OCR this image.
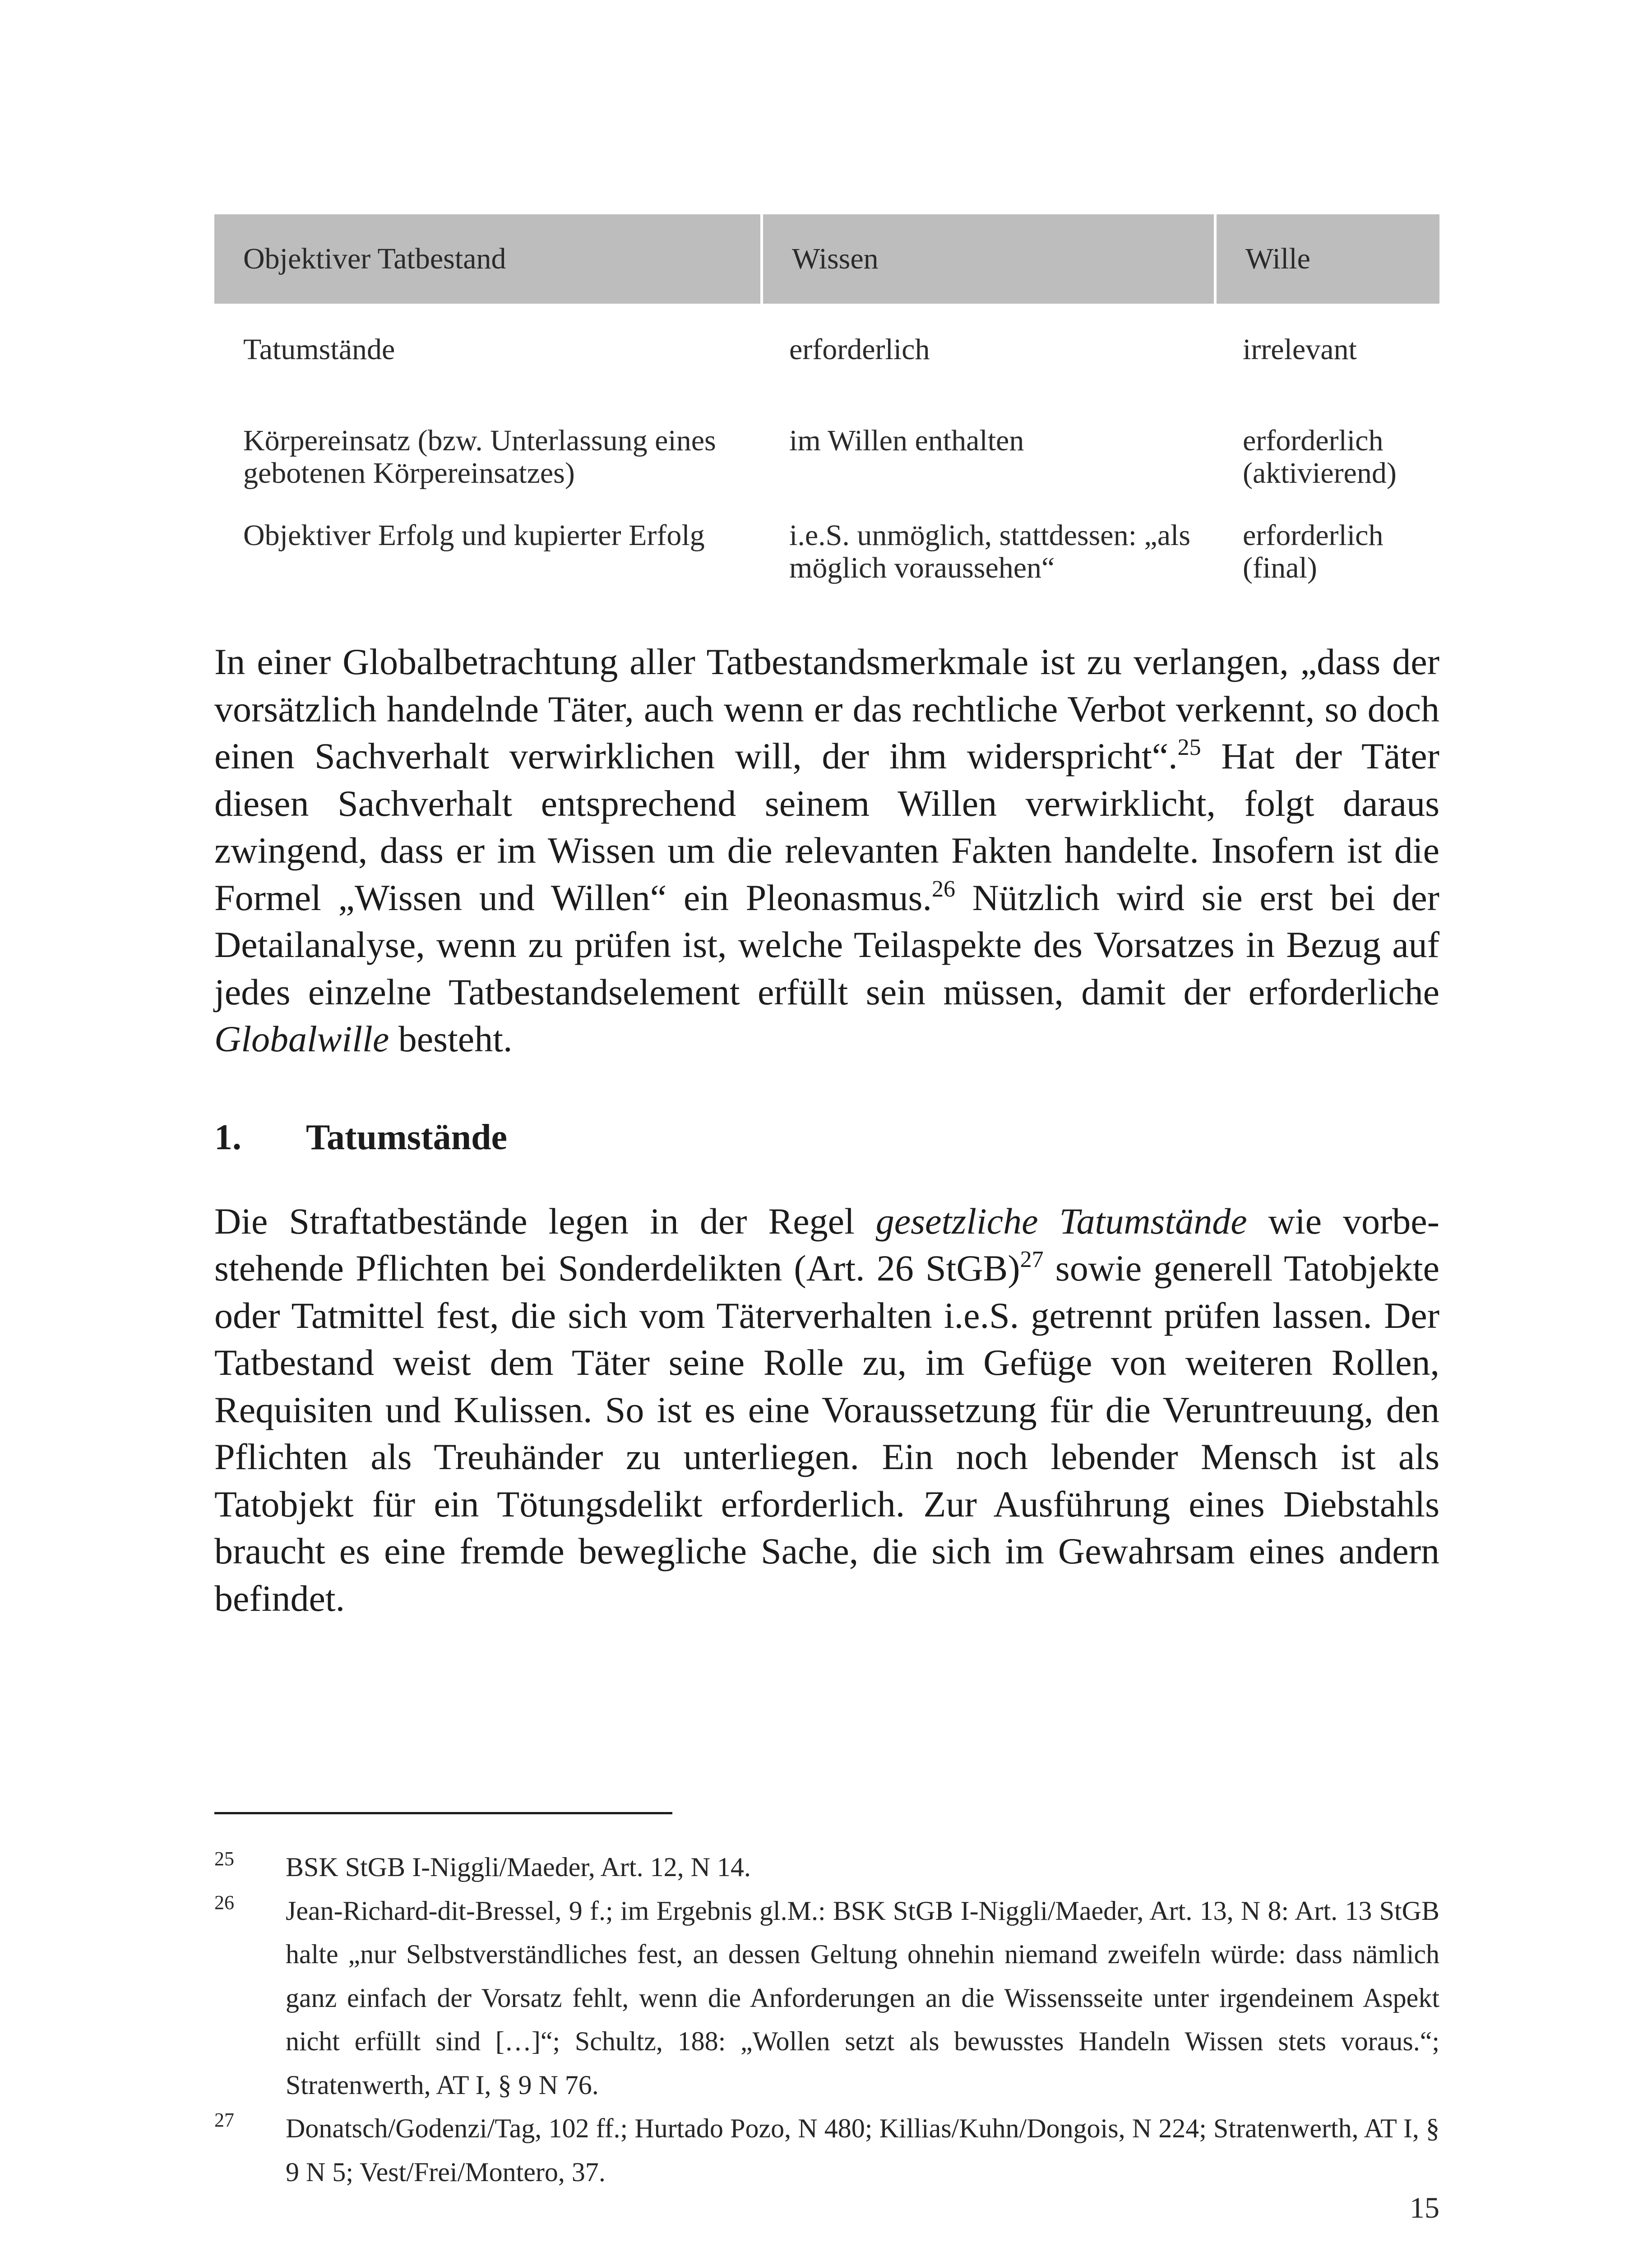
Objektiver Tatbestand	Wissen	Wille
Tatumstände	erforderlich	irrelevant
Körpereinsatz (bzw. Unterlassung eines gebotenen Körpereinsatzes)	im Willen enthalten	erforderlich (aktivierend)
Objektiver Erfolg und kupierter Erfolg	i.e.S. unmöglich, stattdessen: „als möglich voraussehen“	erforderlich (final)

In einer Globalbetrachtung aller Tatbestandsmerkmale ist zu verlangen, „dass der vorsätzlich handelnde Täter, auch wenn er das rechtliche Verbot verkennt, so doch einen Sachverhalt verwirklichen will, der ihm widerspricht“.$^{25}$ Hat der Täter diesen Sachverhalt entsprechend seinem Willen verwirklicht, folgt daraus zwingend, dass er im Wissen um die relevanten Fakten handelte. Insofern ist die Formel „Wissen und Willen“ ein Pleonasmus.$^{26}$ Nützlich wird sie erst bei der Detailanalyse, wenn zu prüfen ist, welche Teilaspekte des Vorsatzes in Bezug auf jedes einzelne Tatbestandselement erfüllt sein müssen, damit der erforderliche Globalwille besteht.

1.	Tatumstände

Die Straftatbestände legen in der Regel gesetzliche Tatumstände wie vorbestehende Pflichten bei Sonderdelikten (Art. 26 StGB)$^{27}$ sowie generell Tatobjekte oder Tatmittel fest, die sich vom Täterverhalten i.e.S. getrennt prüfen lassen. Der Tatbestand weist dem Täter seine Rolle zu, im Gefüge von weiteren Rollen, Requisiten und Kulissen. So ist es eine Voraussetzung für die Veruntreuung, den Pflichten als Treuhänder zu unterliegen. Ein noch lebender Mensch ist als Tatobjekt für ein Tötungsdelikt erforderlich. Zur Ausführung eines Diebstahls braucht es eine fremde bewegliche Sache, die sich im Gewahrsam eines andern befindet.

25	BSK StGB I-Niggli/Maeder, Art. 12, N 14.
26	Jean-Richard-dit-Bressel, 9 f.; im Ergebnis gl.M.: BSK StGB I-Niggli/Maeder, Art. 13, N 8: Art. 13 StGB halte „nur Selbstverständliches fest, an dessen Geltung ohnehin niemand zweifeln würde: dass nämlich ganz einfach der Vorsatz fehlt, wenn die Anforderungen an die Wissensseite unter irgendeinem Aspekt nicht erfüllt sind […]“; Schultz, 188: „Wollen setzt als bewusstes Handeln Wissen stets voraus.“; Stratenwerth, AT I, § 9 N 76.
27	Donatsch/Godenzi/Tag, 102 ff.; Hurtado Pozo, N 480; Killias/Kuhn/Dongois, N 224; Stratenwerth, AT I, § 9 N 5; Vest/Frei/Montero, 37.
15
